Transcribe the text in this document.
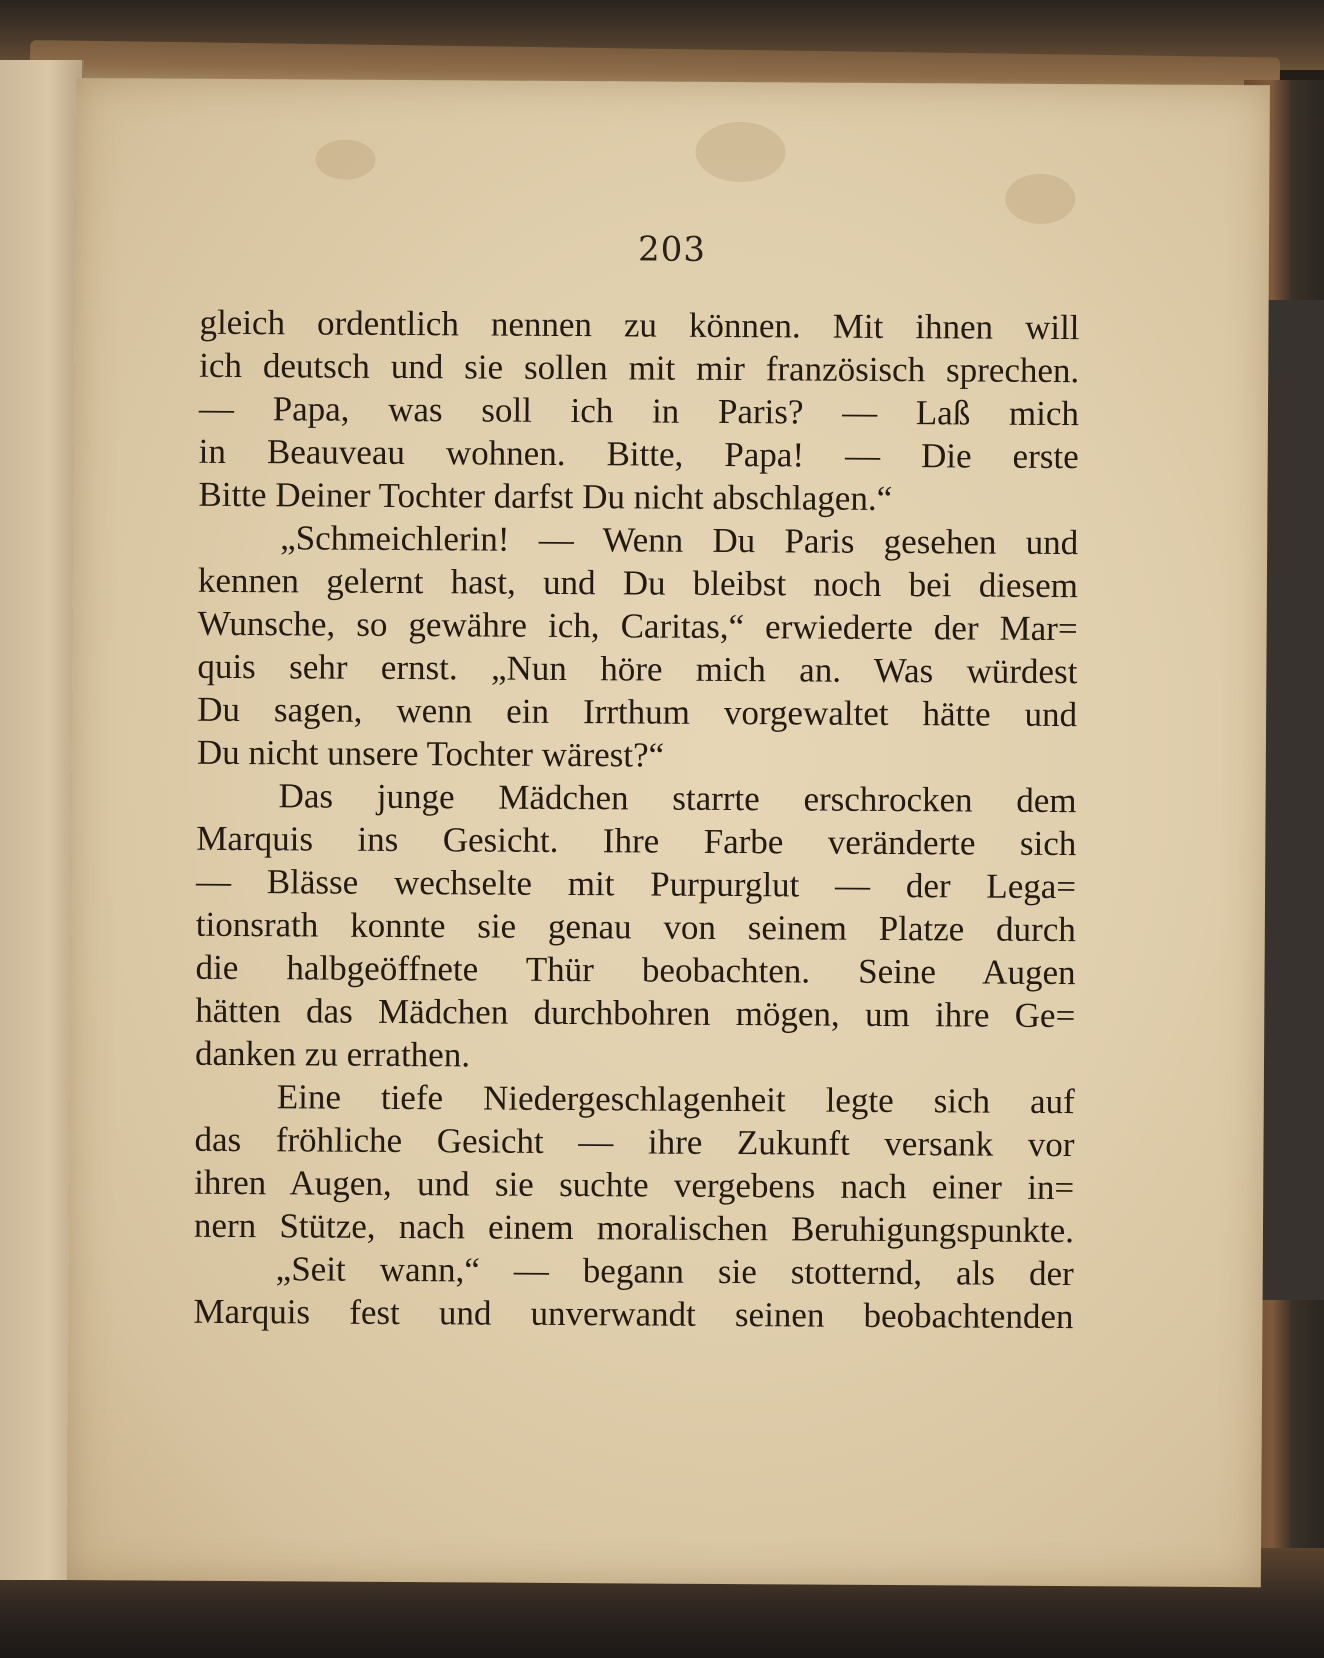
203
gleich ordentlich nennen zu können. Mit ihnen will
ich deutsch und sie sollen mit mir französisch sprechen.
— Papa, was soll ich in Paris? — Laß mich
in Beauveau wohnen. Bitte, Papa! — Die erste
Bitte Deiner Tochter darfst Du nicht abschlagen.“
„Schmeichlerin! — Wenn Du Paris gesehen und
kennen gelernt hast, und Du bleibst noch bei diesem
Wunsche, so gewähre ich, Caritas,“ erwiederte der Mar=
quis sehr ernst. „Nun höre mich an. Was würdest
Du sagen, wenn ein Irrthum vorgewaltet hätte und
Du nicht unsere Tochter wärest?“
Das junge Mädchen starrte erschrocken dem
Marquis ins Gesicht. Ihre Farbe veränderte sich
— Blässe wechselte mit Purpurglut — der Lega=
tionsrath konnte sie genau von seinem Platze durch
die halbgeöffnete Thür beobachten. Seine Augen
hätten das Mädchen durchbohren mögen, um ihre Ge=
danken zu errathen.
Eine tiefe Niedergeschlagenheit legte sich auf
das fröhliche Gesicht — ihre Zukunft versank vor
ihren Augen, und sie suchte vergebens nach einer in=
nern Stütze, nach einem moralischen Beruhigungspunkte.
„Seit wann,“ — begann sie stotternd, als der
Marquis fest und unverwandt seinen beobachtenden
